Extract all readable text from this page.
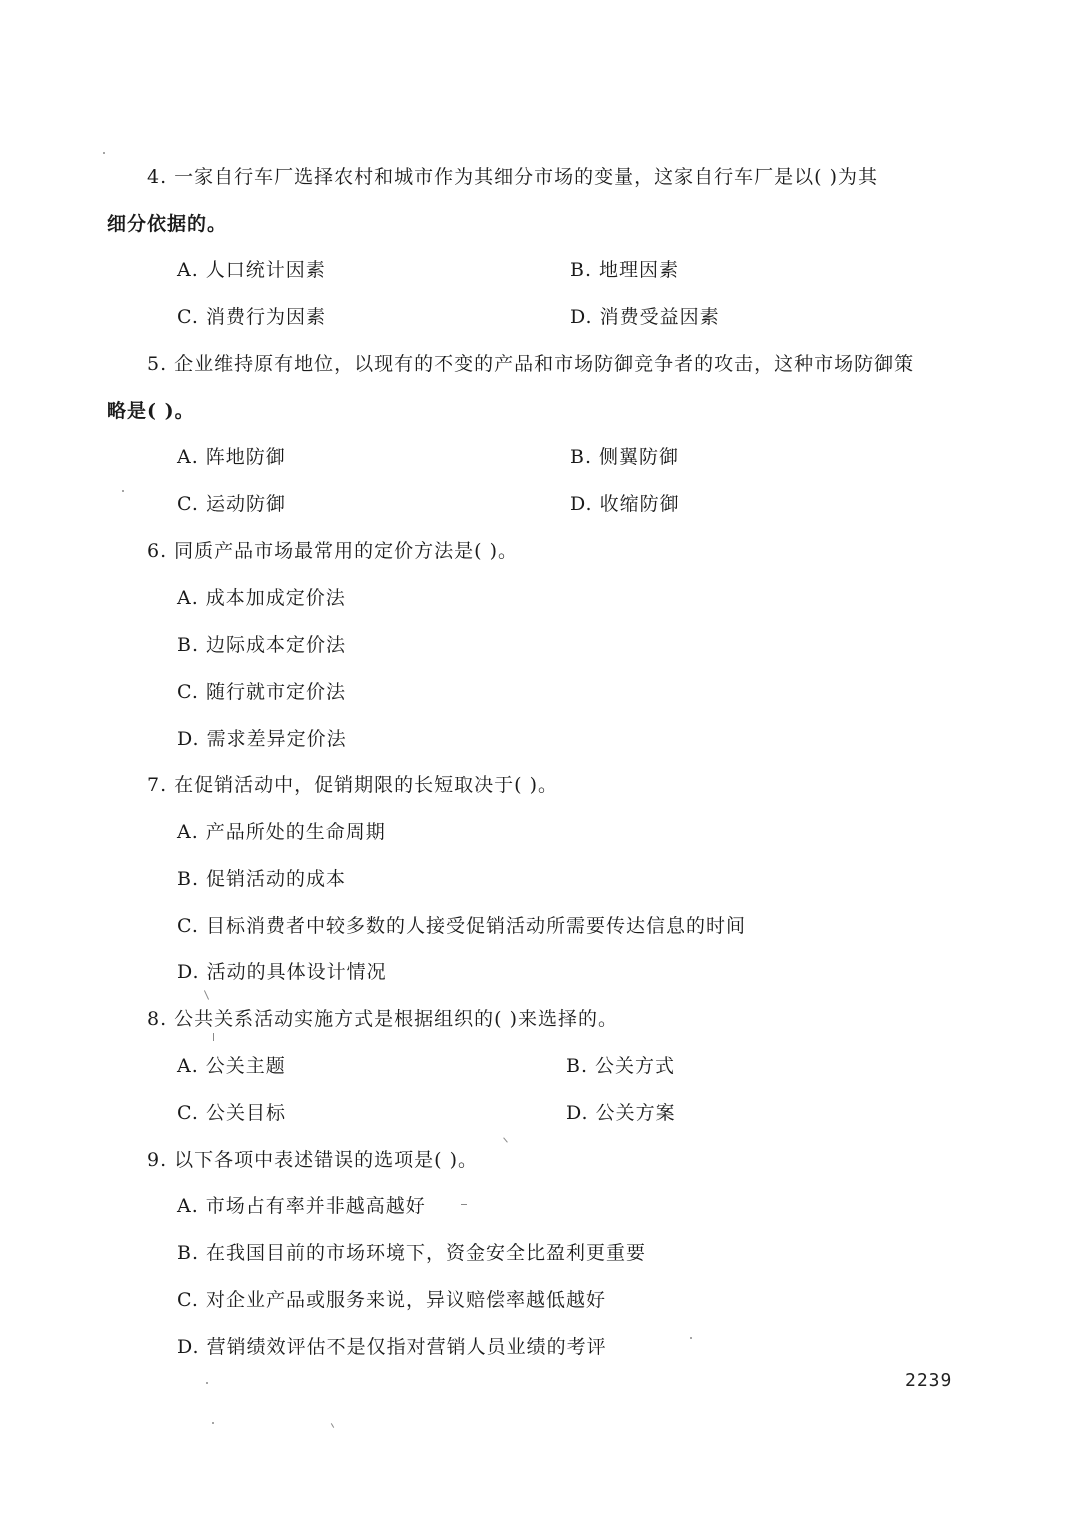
4. 一家自行车厂选择农村和城市作为其细分市场的变量，这家自行车厂是以( )为其
细分依据的。
A. 人口统计因素	B. 地理因素
C. 消费行为因素	D. 消费受益因素
5. 企业维持原有地位，以现有的不变的产品和市场防御竞争者的攻击，这种市场防御策
略是( )。
A. 阵地防御	B. 侧翼防御
C. 运动防御	D. 收缩防御
6. 同质产品市场最常用的定价方法是( )。
A. 成本加成定价法
B. 边际成本定价法
C. 随行就市定价法
D. 需求差异定价法
7. 在促销活动中，促销期限的长短取决于( )。
A. 产品所处的生命周期
B. 促销活动的成本
C. 目标消费者中较多数的人接受促销活动所需要传达信息的时间
D. 活动的具体设计情况
8. 公共关系活动实施方式是根据组织的( )来选择的。
A. 公关主题	B. 公关方式
C. 公关目标	D. 公关方案
9. 以下各项中表述错误的选项是( )。
A. 市场占有率并非越高越好
B. 在我国目前的市场环境下，资金安全比盈利更重要
C. 对企业产品或服务来说，异议赔偿率越低越好
D. 营销绩效评估不是仅指对营销人员业绩的考评
2239
